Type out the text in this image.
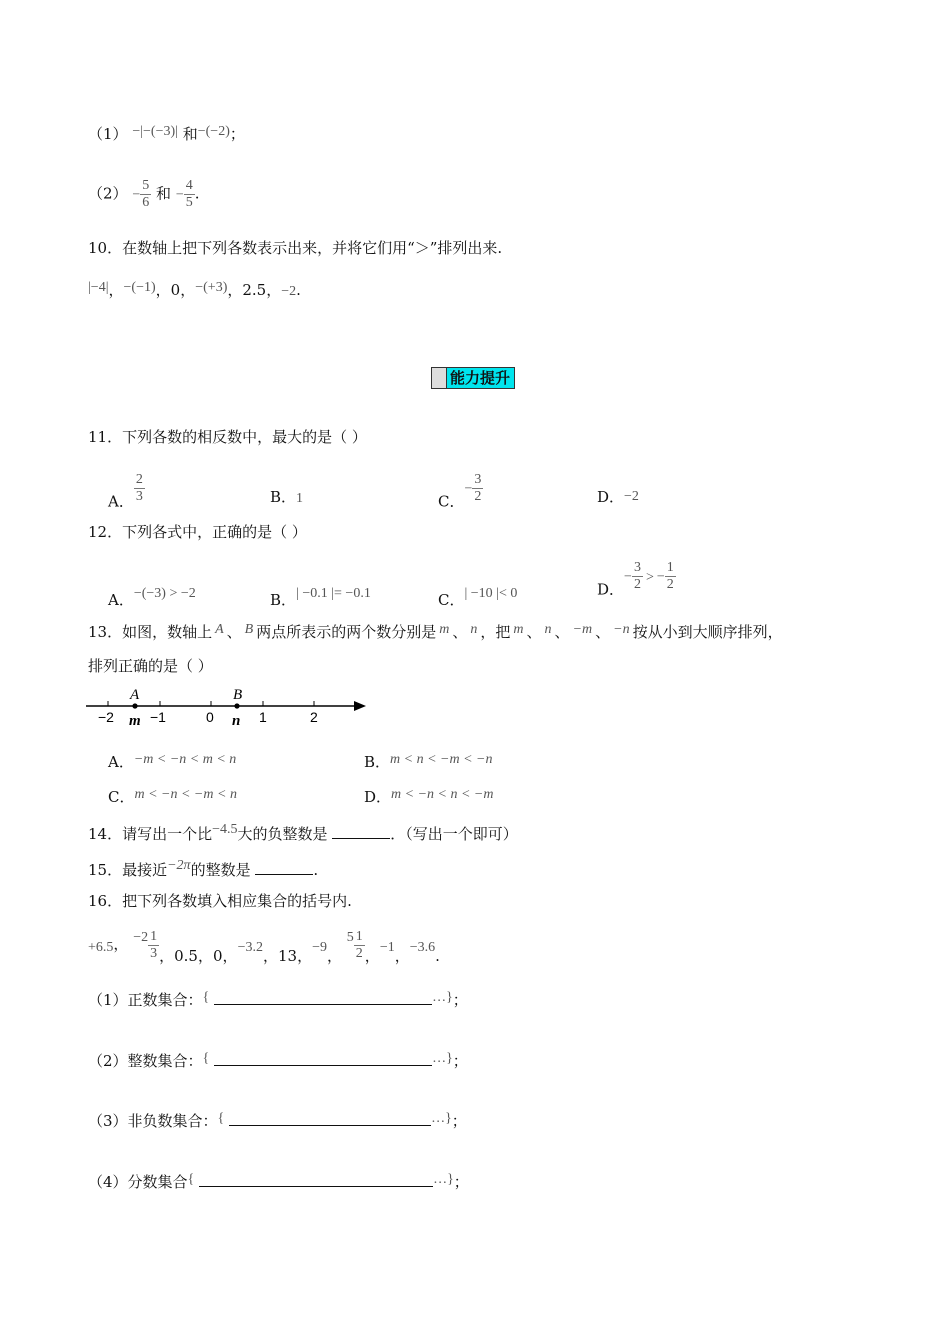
（1） −|−(−3)| 和−(−2)；
$(2) - \frac{5}{6}$ 和 − $\frac{4}{5}$ .
10．在数轴上把下列各数表示出来，并将它们用“＞”排列出来.
|−4|，−(−1)，0，−(+3)，2.5，−2.
能力提升
11．下列各数的相反数中，最大的是（ ）
A． $\frac{2}{3}$	B．1	C．− $\frac{3}{2}$	D．−2
12．下列各式中，正确的是（ ）
A．−(−3) > −2	B．| −0.1 |= −0.1	C．| −10 |< 0	D．− $\frac{3}{2}$ > − $\frac{1}{2}$
13．如图，数轴上 A 、 B 两点所表示的两个数分别是 m 、 n ，把 m 、 n 、 −m 、 −n 按从小到大顺序排列，
排列正确的是（ ）
A	B
−2	−1	0	1	2
m	n
A．−m < −n < m < n	B．m < n < −m < −n
C．m < −n < −m < n	D．m < −n < n < −m
14．请写出一个比−4.5大的负整数是	．（写出一个即可）
15．最接近−2π的整数是	.
16．把下列各数填入相应集合的括号内.
+6.5， $-2 \frac{1}{3}$ ，0.5，0，−3.2，13，−9， $5 \frac{1}{2}$ ，−1，−3.6.
（1）正数集合：{	…}；
（2）整数集合：{	…}；
（3）非负数集合：{	…}；
（4）分数集合{	…}；
